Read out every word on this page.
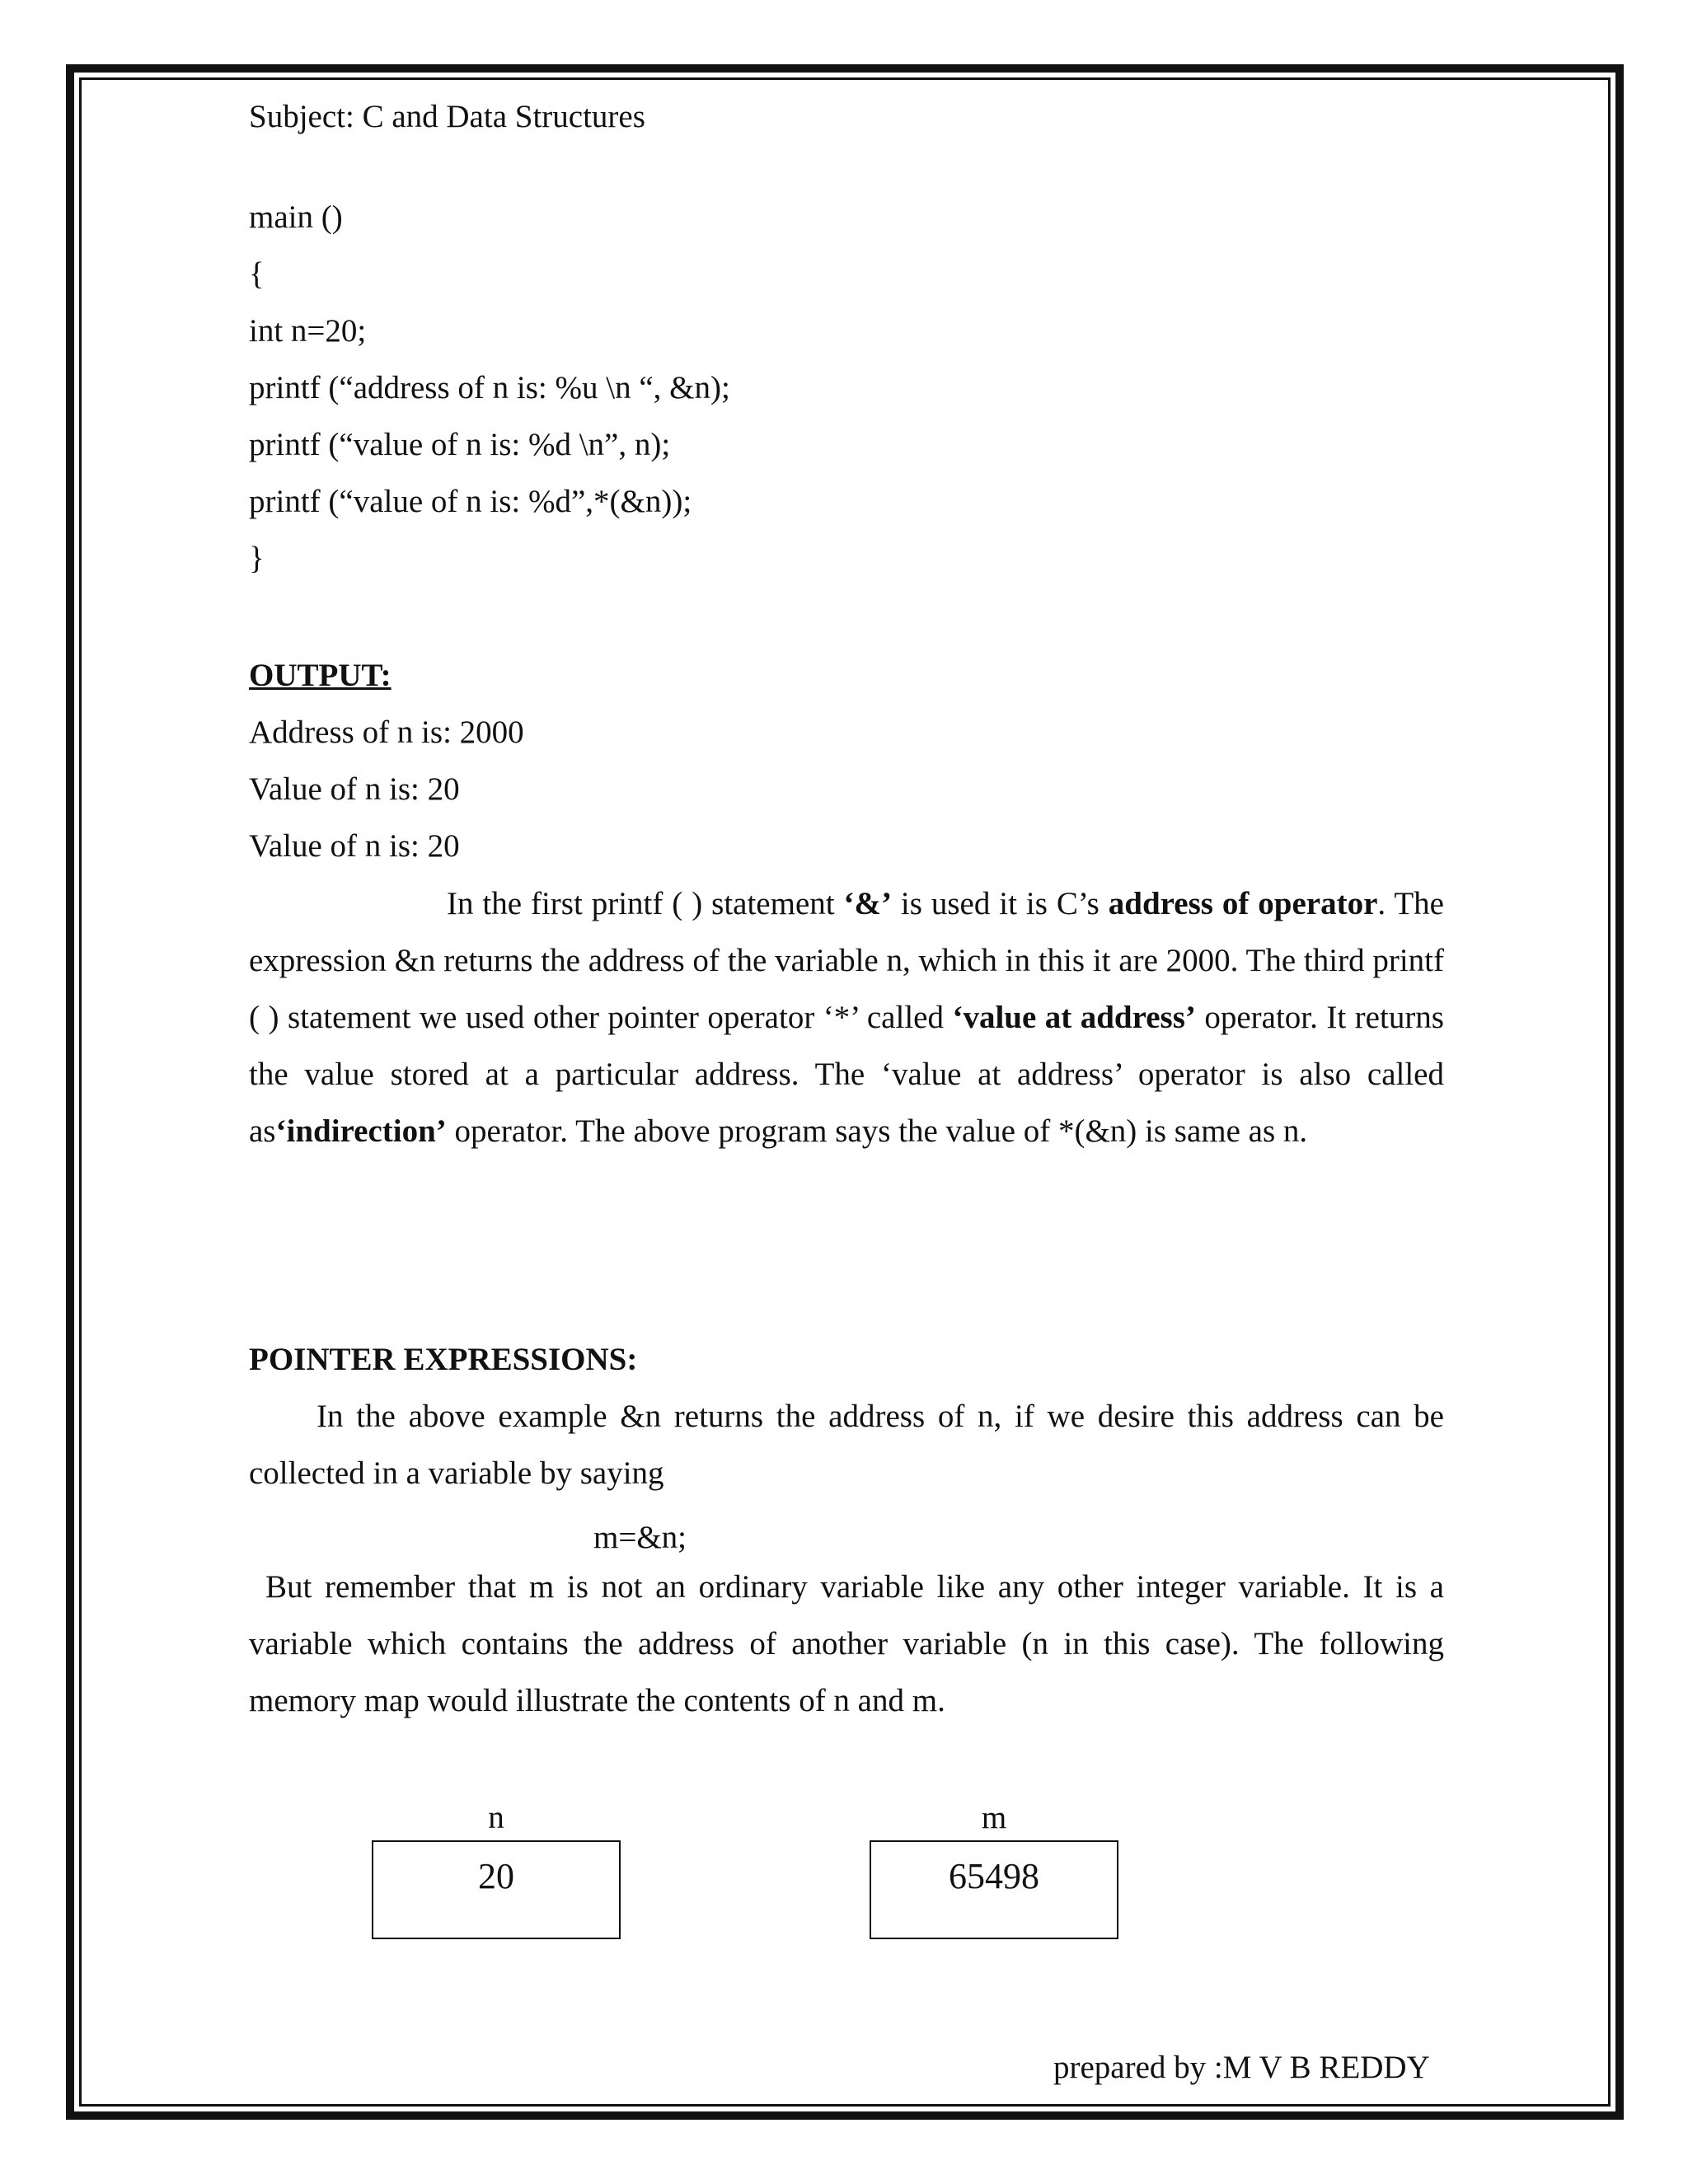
Subject: C and Data Structures
main ()
{
int n=20;
printf (“address of n is: %u \n “, &n);
printf (“value of n is: %d \n”, n);
printf (“value of n is: %d”,*(&n));
}
OUTPUT:
Address of n is: 2000
Value of n is: 20
Value of n is: 20
In the first printf ( ) statement ‘&’ is used it is C’s address of operator. The expression &n returns the address of the variable n, which in this it are 2000. The third printf ( ) statement we used other pointer operator ‘*’ called ‘value at address’ operator. It returns the value stored at a particular address. The ‘value at address’ operator is also called as‘indirection’ operator. The above program says the value of *(&n) is same as n.
POINTER EXPRESSIONS:
In the above example &n returns the address of n, if we desire this address can be collected in a variable by saying
m=&n;
But remember that m is not an ordinary variable like any other integer variable. It is a variable which contains the address of another variable (n in this case). The following memory map would illustrate the contents of n and m.
n
20
m
65498
prepared by :M V B REDDY
